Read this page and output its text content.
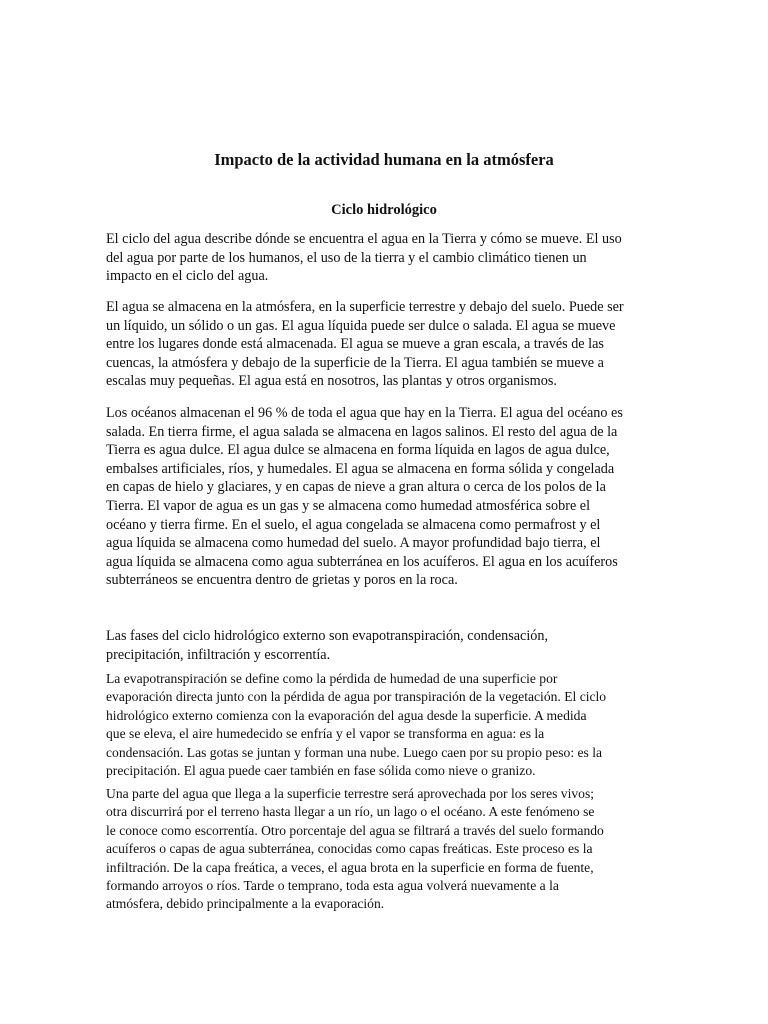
Impacto de la actividad humana en la atmósfera
Ciclo hidrológico

El ciclo del agua describe dónde se encuentra el agua en la Tierra y cómo se mueve. El uso
del agua por parte de los humanos, el uso de la tierra y el cambio climático tienen un
impacto en el ciclo del agua.

El agua se almacena en la atmósfera, en la superficie terrestre y debajo del suelo. Puede ser
un líquido, un sólido o un gas. El agua líquida puede ser dulce o salada. El agua se mueve
entre los lugares donde está almacenada. El agua se mueve a gran escala, a través de las
cuencas, la atmósfera y debajo de la superficie de la Tierra. El agua también se mueve a
escalas muy pequeñas. El agua está en nosotros, las plantas y otros organismos.

Los océanos almacenan el 96 % de toda el agua que hay en la Tierra. El agua del océano es
salada. En tierra firme, el agua salada se almacena en lagos salinos. El resto del agua de la
Tierra es agua dulce. El agua dulce se almacena en forma líquida en lagos de agua dulce,
embalses artificiales, ríos, y humedales. El agua se almacena en forma sólida y congelada
en capas de hielo y glaciares, y en capas de nieve a gran altura o cerca de los polos de la
Tierra. El vapor de agua es un gas y se almacena como humedad atmosférica sobre el
océano y tierra firme. En el suelo, el agua congelada se almacena como permafrost y el
agua líquida se almacena como humedad del suelo. A mayor profundidad bajo tierra, el
agua líquida se almacena como agua subterránea en los acuíferos. El agua en los acuíferos
subterráneos se encuentra dentro de grietas y poros en la roca.

Las fases del ciclo hidrológico externo son evapotranspiración, condensación,
precipitación, infiltración y escorrentía.

La evapotranspiración se define como la pérdida de humedad de una superficie por
evaporación directa junto con la pérdida de agua por transpiración de la vegetación. El ciclo
hidrológico externo comienza con la evaporación del agua desde la superficie. A medida
que se eleva, el aire humedecido se enfría y el vapor se transforma en agua: es la
condensación. Las gotas se juntan y forman una nube. Luego caen por su propio peso: es la
precipitación. El agua puede caer también en fase sólida como nieve o granizo.

Una parte del agua que llega a la superficie terrestre será aprovechada por los seres vivos;
otra discurrirá por el terreno hasta llegar a un río, un lago o el océano. A este fenómeno se
le conoce como escorrentía. Otro porcentaje del agua se filtrará a través del suelo formando
acuíferos o capas de agua subterránea, conocidas como capas freáticas. Este proceso es la
infiltración. De la capa freática, a veces, el agua brota en la superficie en forma de fuente,
formando arroyos o ríos. Tarde o temprano, toda esta agua volverá nuevamente a la
atmósfera, debido principalmente a la evaporación.
